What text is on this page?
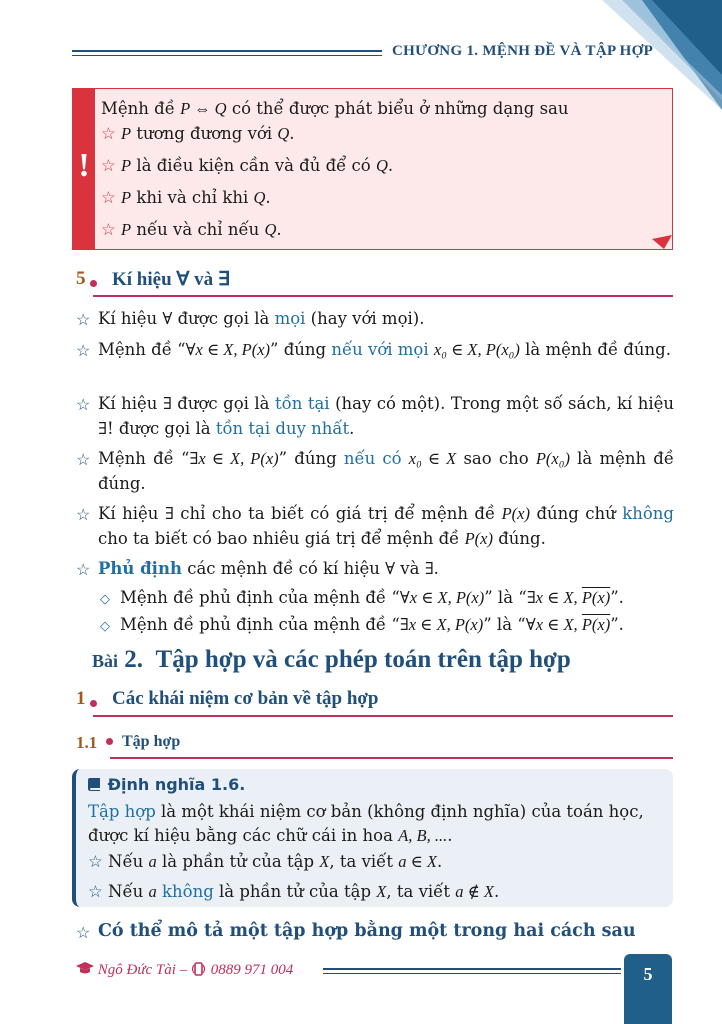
CHƯƠNG 1. MỆNH ĐỀ VÀ TẬP HỢP
!
Mệnh đề P ⇔ Q có thể được phát biểu ở những dạng sau
☆ P tương đương với Q.
☆ P là điều kiện cần và đủ để có Q.
☆ P khi và chỉ khi Q.
☆ P nếu và chỉ nếu Q.
5 Kí hiệu ∀ và ∃
☆ Kí hiệu ∀ được gọi là mọi (hay với mọi).
☆ Mệnh đề “∀x ∈ X, P(x)” đúng nếu với mọi x₀ ∈ X, P(x₀) là mệnh đề đúng.
☆ Kí hiệu ∃ được gọi là tồn tại (hay có một). Trong một số sách, kí hiệu ∃! được gọi là tồn tại duy nhất.
☆ Mệnh đề “∃x ∈ X, P(x)” đúng nếu có x₀ ∈ X sao cho P(x₀) là mệnh đề đúng.
☆ Kí hiệu ∃ chỉ cho ta biết có giá trị để mệnh đề P(x) đúng chứ không cho ta biết có bao nhiêu giá trị để mệnh đề P(x) đúng.
☆ Phủ định các mệnh đề có kí hiệu ∀ và ∃.
◇ Mệnh đề phủ định của mệnh đề “∀x ∈ X, P(x)” là “∃x ∈ X, P(x)”.
◇ Mệnh đề phủ định của mệnh đề “∃x ∈ X, P(x)” là “∀x ∈ X, P(x)”.
Bài 2. Tập hợp và các phép toán trên tập hợp
1 Các khái niệm cơ bản về tập hợp
1.1 Tập hợp
Định nghĩa 1.6.
Tập hợp là một khái niệm cơ bản (không định nghĩa) của toán học, được kí hiệu bằng các chữ cái in hoa A, B, ....
☆ Nếu a là phần tử của tập X, ta viết a ∈ X.
☆ Nếu a không là phần tử của tập X, ta viết a ∉ X.
☆ Có thể mô tả một tập hợp bằng một trong hai cách sau
Ngô Đức Tài –  0889 971 004	5
